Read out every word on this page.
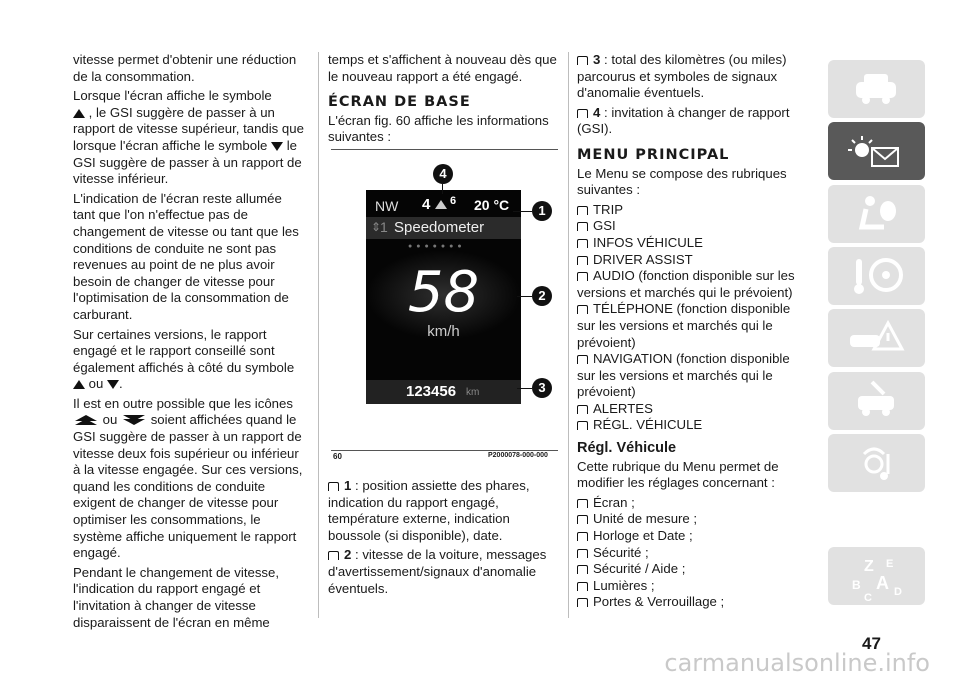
vitesse permet d'obtenir une réduction de la consommation.

Lorsque l'écran affiche le symbole
, le GSI suggère de passer à un rapport de vitesse supérieur, tandis que lorsque l'écran affiche le symbole le GSI suggère de passer à un rapport de vitesse inférieur.

L'indication de l'écran reste allumée tant que l'on n'effectue pas de changement de vitesse ou tant que les conditions de conduite ne sont pas revenues au point de ne plus avoir besoin de changer de vitesse pour l'optimisation de la consommation de carburant.

Sur certaines versions, le rapport engagé et le rapport conseillé sont également affichés à côté du symbole
ou .

Il est en outre possible que les icônes
ou	soient affichées quand le GSI suggère de passer à un rapport de vitesse deux fois supérieur ou inférieur à la vitesse engagée. Sur ces versions, quand les conditions de conduite exigent de changer de vitesse pour optimiser les consommations, le système affiche uniquement le rapport engagé.

Pendant le changement de vitesse, l'indication du rapport engagé et l'invitation à changer de vitesse disparaissent de l'écran en même

temps et s'affichent à nouveau dès que le nouveau rapport a été engagé.

ÉCRAN DE BASE

L'écran fig. 60 affiche les informations suivantes :

NW 4 6 20 °C
⇕
1 Speedometer
●●●●●●●
58
km/h
123456 km
4
1
2
3
60	P2000078-000-000

1 : position assiette des phares, indication du rapport engagé, température externe, indication boussole (si disponible), date.

2 : vitesse de la voiture, messages d'avertissement/signaux d'anomalie éventuels.

3 : total des kilomètres (ou miles) parcourus et symboles de signaux d'anomalie éventuels.

4 : invitation à changer de rapport (GSI).

MENU PRINCIPAL

Le Menu se compose des rubriques suivantes :

TRIP
GSI
INFOS VÉHICULE
DRIVER ASSIST
AUDIO (fonction disponible sur les versions et marchés qui le prévoient)
TÉLÉPHONE (fonction disponible sur les versions et marchés qui le prévoient)
NAVIGATION (fonction disponible sur les versions et marchés qui le prévoient)
ALERTES
RÉGL. VÉHICULE
Régl. Véhicule

Cette rubrique du Menu permet de modifier les réglages concernant :

Écran ;
Unité de mesure ;
Horloge et Date ;
Sécurité ;
Sécurité / Aide ;
Lumières ;
Portes & Verrouillage ;
Z E
B A
C D
47
carmanualsonline.info
